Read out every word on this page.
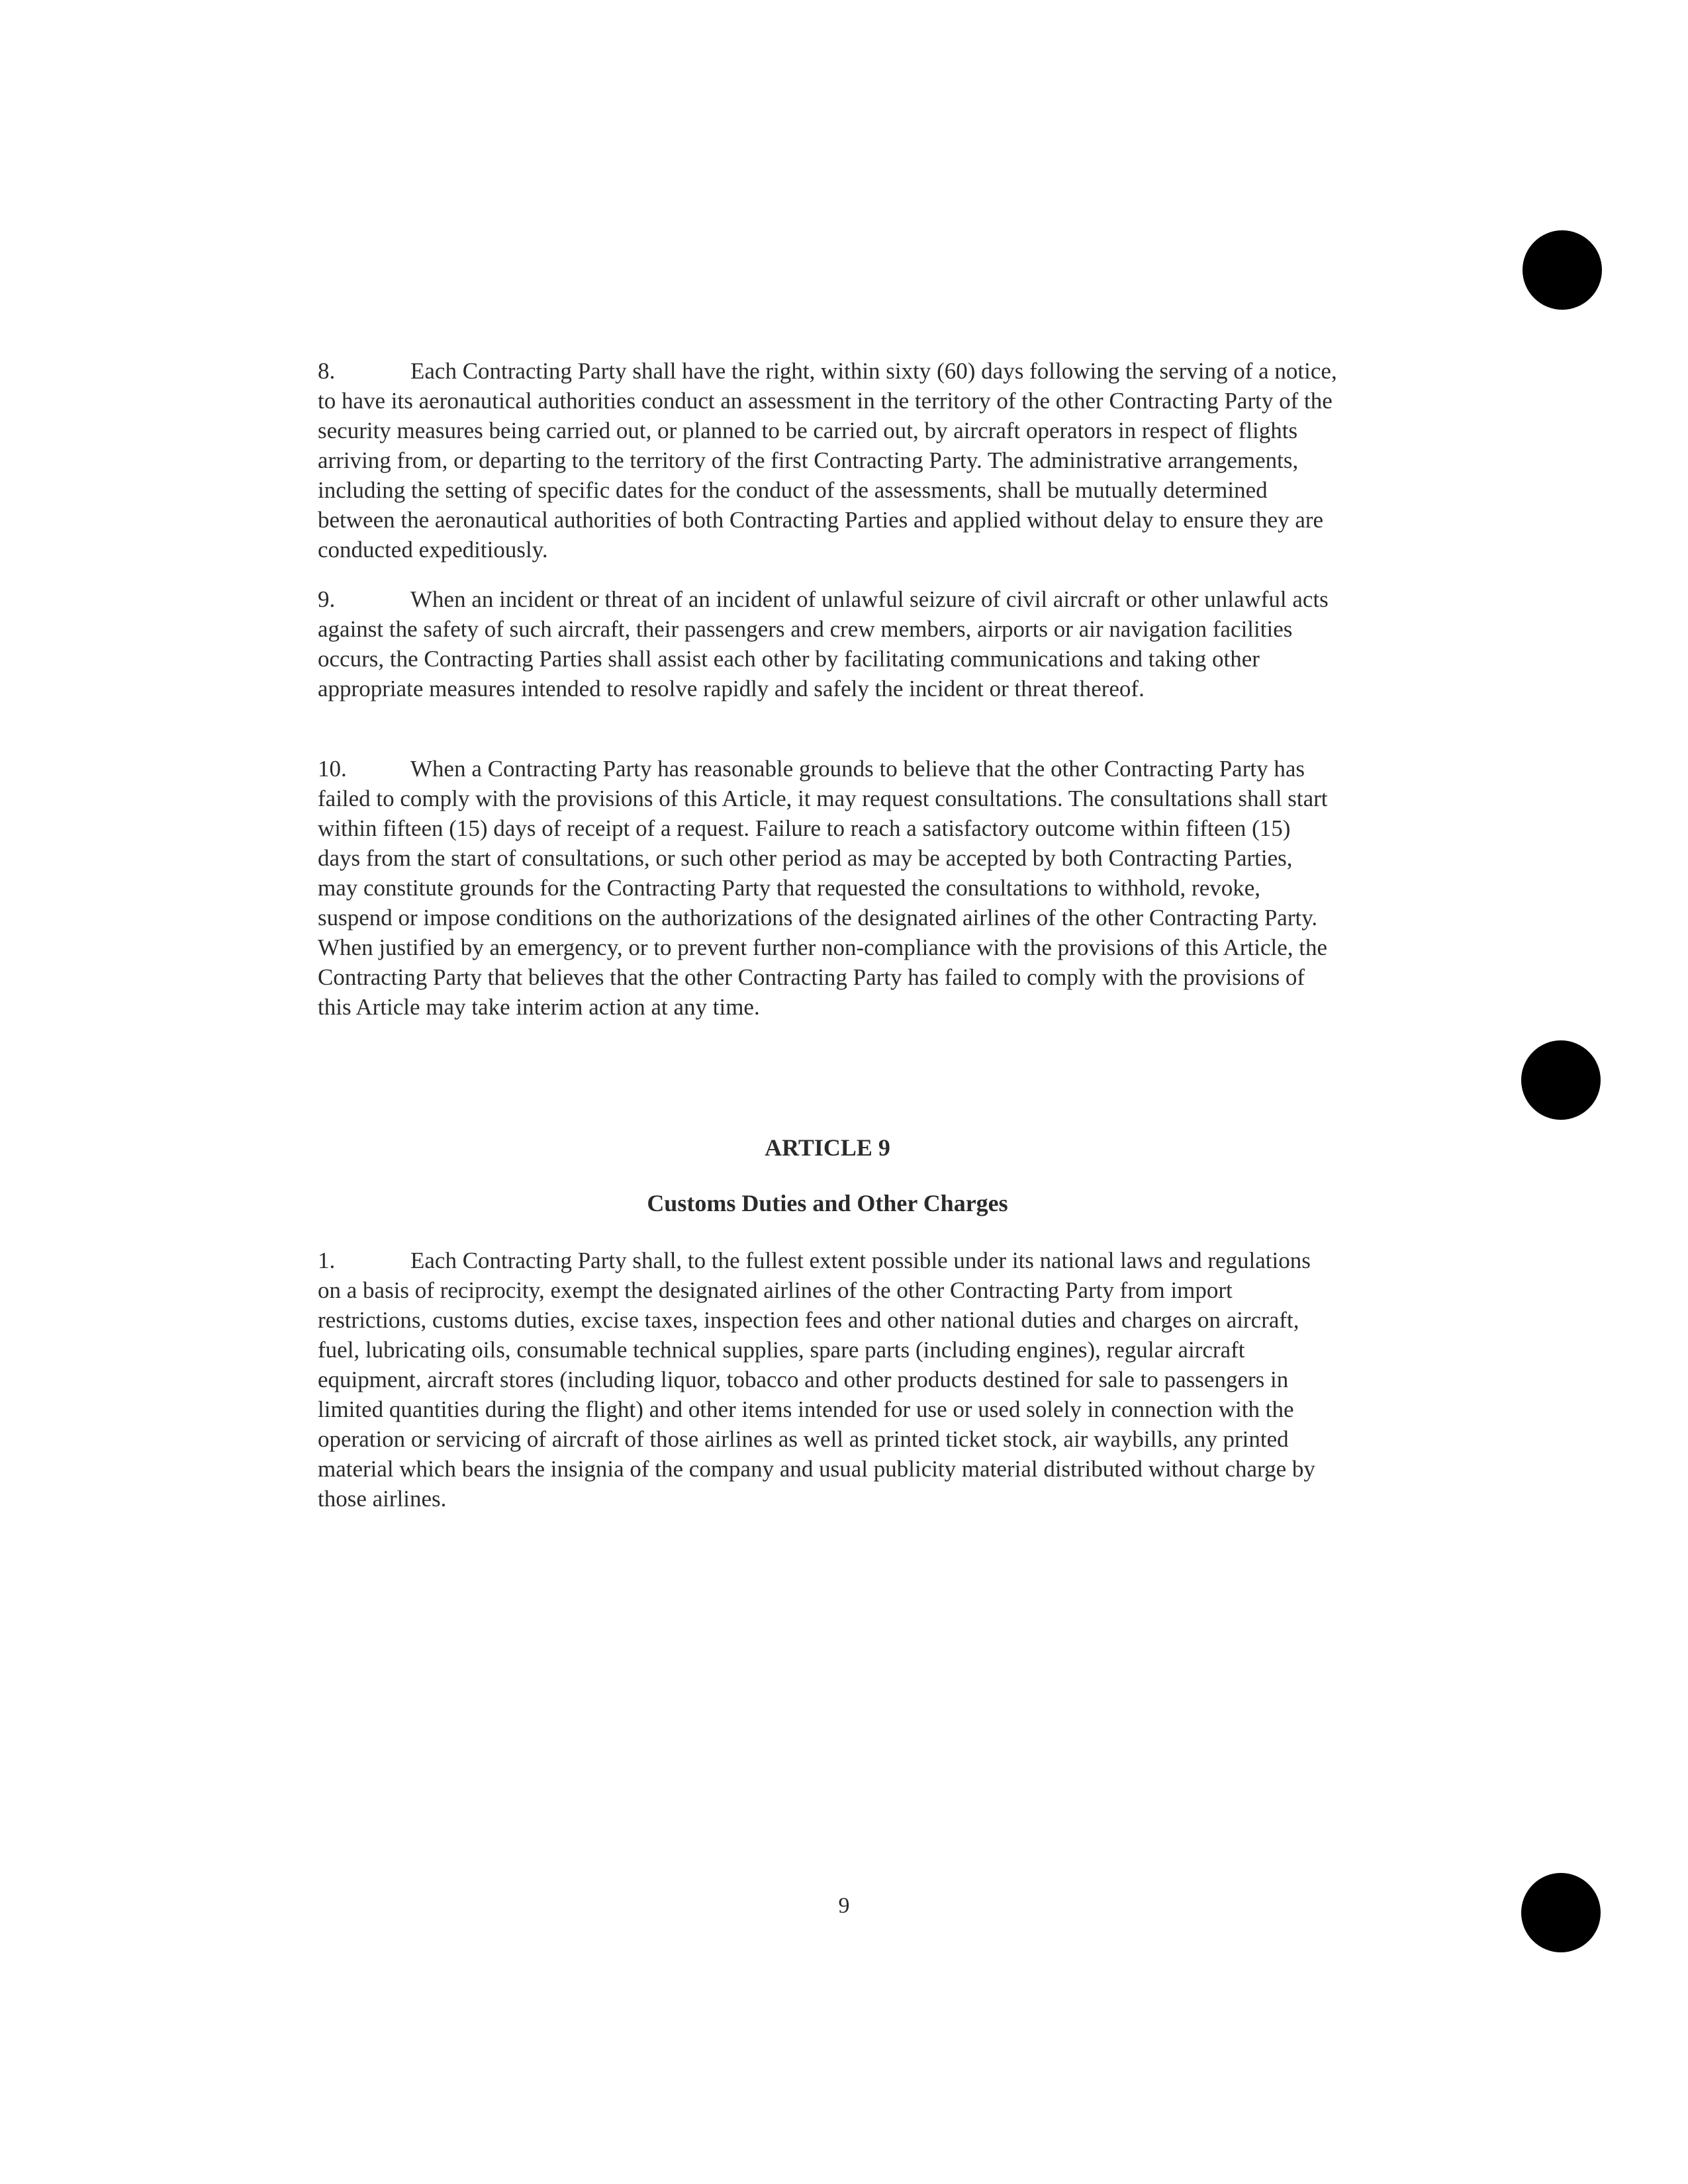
8.	Each Contracting Party shall have the right, within sixty (60) days following the serving of a notice, to have its aeronautical authorities conduct an assessment in the territory of the other Contracting Party of the security measures being carried out, or planned to be carried out, by aircraft operators in respect of flights arriving from, or departing to the territory of the first Contracting Party. The administrative arrangements, including the setting of specific dates for the conduct of the assessments, shall be mutually determined between the aeronautical authorities of both Contracting Parties and applied without delay to ensure they are conducted expeditiously.

9.	When an incident or threat of an incident of unlawful seizure of civil aircraft or other unlawful acts against the safety of such aircraft, their passengers and crew members, airports or air navigation facilities occurs, the Contracting Parties shall assist each other by facilitating communications and taking other appropriate measures intended to resolve rapidly and safely the incident or threat thereof.

10.	When a Contracting Party has reasonable grounds to believe that the other Contracting Party has failed to comply with the provisions of this Article, it may request consultations. The consultations shall start within fifteen (15) days of receipt of a request. Failure to reach a satisfactory outcome within fifteen (15) days from the start of consultations, or such other period as may be accepted by both Contracting Parties, may constitute grounds for the Contracting Party that requested the consultations to withhold, revoke, suspend or impose conditions on the authorizations of the designated airlines of the other Contracting Party. When justified by an emergency, or to prevent further non-compliance with the provisions of this Article, the Contracting Party that believes that the other Contracting Party has failed to comply with the provisions of this Article may take interim action at any time.

ARTICLE 9
Customs Duties and Other Charges

1.	Each Contracting Party shall, to the fullest extent possible under its national laws and regulations on a basis of reciprocity, exempt the designated airlines of the other Contracting Party from import restrictions, customs duties, excise taxes, inspection fees and other national duties and charges on aircraft, fuel, lubricating oils, consumable technical supplies, spare parts (including engines), regular aircraft equipment, aircraft stores (including liquor, tobacco and other products destined for sale to passengers in limited quantities during the flight) and other items intended for use or used solely in connection with the operation or servicing of aircraft of those airlines as well as printed ticket stock, air waybills, any printed material which bears the insignia of the company and usual publicity material distributed without charge by those airlines.

9
